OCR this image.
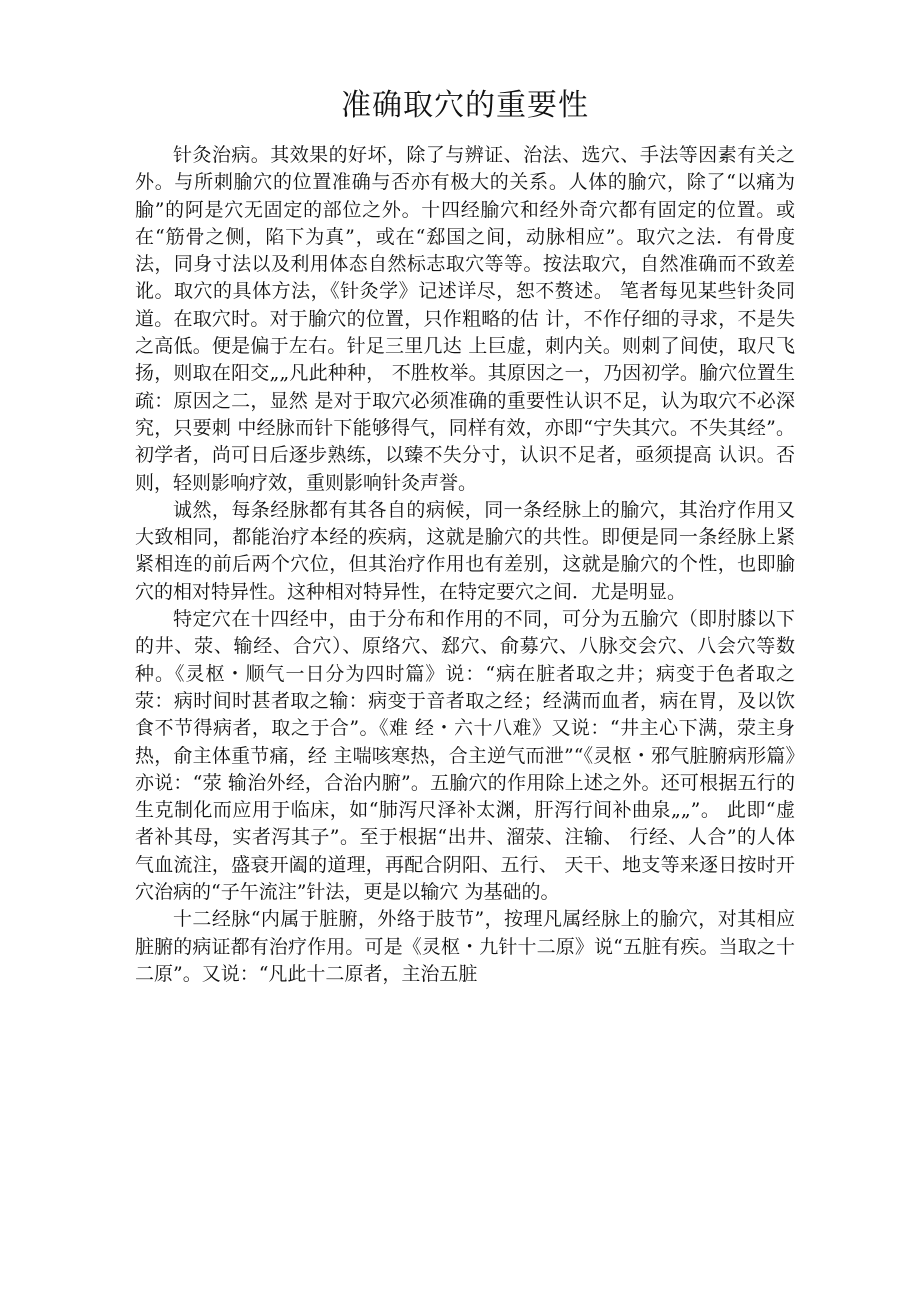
准确取穴的重要性

针灸治病。其效果的好坏，除了与辨证、治法、选穴、手法等因素有关之外。与所刺腧穴的位置准确与否亦有极大的关系。人体的腧穴，除了“以痛为腧”的阿是穴无固定的部位之外。十四经腧穴和经外奇穴都有固定的位置。或在“筋骨之侧，陷下为真”，或在“郄国之间，动脉相应”。取穴之法．有骨度法，同身寸法以及利用体态自然标志取穴等等。按法取穴，自然准确而不致差讹。取穴的具体方法，《针灸学》记述详尽，恕不赘述。 笔者每见某些针灸同道。在取穴时。对于腧穴的位置，只作粗略的估 计，不作仔细的寻求，不是失之高低。便是偏于左右。针足三里几达 上巨虚，刺内关。则刺了间使，取尺飞扬，则取在阳交„„凡此种种， 不胜枚举。其原因之一，乃因初学。腧穴位置生疏：原因之二，显然 是对于取穴必须准确的重要性认识不足，认为取穴不必深究，只要刺 中经脉而针下能够得气，同样有效，亦即“宁失其穴。不失其经”。 初学者，尚可日后逐步熟练，以臻不失分寸，认识不足者，亟须提高 认识。否则，轻则影响疗效，重则影响针灸声誉。

诚然，每条经脉都有其各自的病候，同一条经脉上的腧穴，其治疗作用又大致相同，都能治疗本经的疾病，这就是腧穴的共性。即便是同一条经脉上紧紧相连的前后两个穴位，但其治疗作用也有差别，这就是腧穴的个性，也即腧穴的相对特异性。这种相对特异性，在特定要穴之间．尤是明显。

特定穴在十四经中，由于分布和作用的不同，可分为五腧穴（即肘膝以下的井、荥、输经、合穴）、原络穴、郄穴、俞募穴、八脉交会穴、八会穴等数种。《灵枢・顺气一日分为四时篇》说：“病在脏者取之井；病变于色者取之荥：病时间时甚者取之输：病变于音者取之经；经满而血者，病在胃，及以饮食不节得病者，取之于合”。《难 经・六十八难》又说：“井主心下满，荥主身热，俞主体重节痛，经 主喘咳寒热，合主逆气而泄”“《灵枢・邪气脏腑病形篇》亦说：“荥 输治外经，合治内腑”。五腧穴的作用除上述之外。还可根据五行的 生克制化而应用于临床，如“肺泻尺泽补太渊，肝泻行间补曲泉„„”。 此即“虚者补其母，实者泻其子”。至于根据“出井、溜荥、注输、 行经、人合”的人体气血流注，盛衰开阖的道理，再配合阴阳、五行、 天干、地支等来逐日按时开穴治病的“子午流注”针法，更是以输穴 为基础的。

十二经脉“内属于脏腑，外络于肢节”，按理凡属经脉上的腧穴，对其相应脏腑的病证都有治疗作用。可是《灵枢・九针十二原》说“五脏有疾。当取之十二原”。又说：“凡此十二原者，主治五脏
